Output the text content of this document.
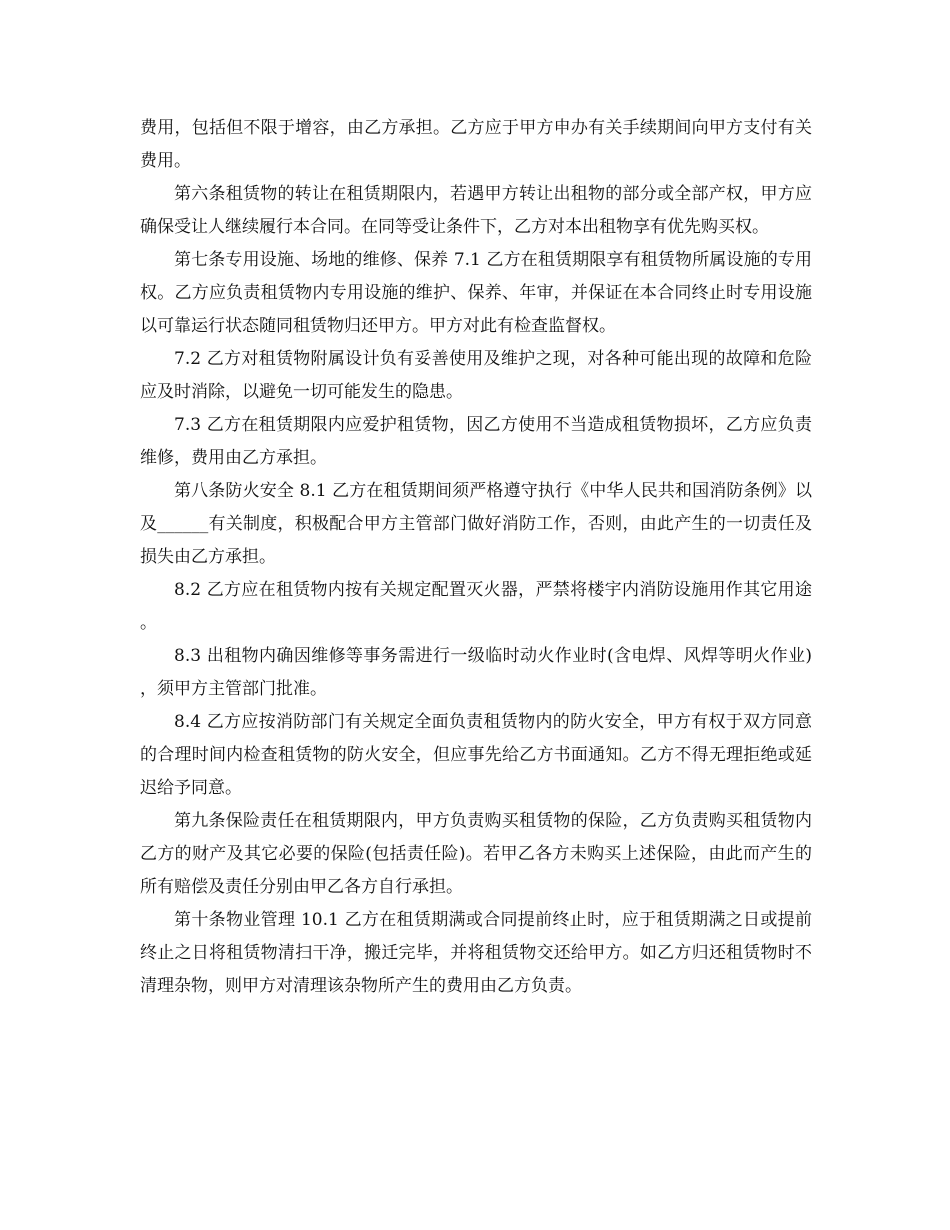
费用，包括但不限于增容，由乙方承担。乙方应于甲方申办有关手续期间向甲方支付有关费用。

第六条租赁物的转让在租赁期限内，若遇甲方转让出租物的部分或全部产权，甲方应确保受让人继续履行本合同。在同等受让条件下，乙方对本出租物享有优先购买权。

第七条专用设施、场地的维修、保养 7.1 乙方在租赁期限享有租赁物所属设施的专用权。乙方应负责租赁物内专用设施的维护、保养、年审，并保证在本合同终止时专用设施以可靠运行状态随同租赁物归还甲方。甲方对此有检查监督权。

7.2 乙方对租赁物附属设计负有妥善使用及维护之现，对各种可能出现的故障和危险应及时消除，以避免一切可能发生的隐患。

7.3 乙方在租赁期限内应爱护租赁物，因乙方使用不当造成租赁物损坏，乙方应负责维修，费用由乙方承担。

第八条防火安全 8.1 乙方在租赁期间须严格遵守执行《中华人民共和国消防条例》以及______有关制度，积极配合甲方主管部门做好消防工作，否则，由此产生的一切责任及损失由乙方承担。

8.2 乙方应在租赁物内按有关规定配置灭火器，严禁将楼宇内消防设施用作其它用途。

8.3 出租物内确因维修等事务需进行一级临时动火作业时(含电焊、风焊等明火作业)，须甲方主管部门批准。

8.4 乙方应按消防部门有关规定全面负责租赁物内的防火安全，甲方有权于双方同意的合理时间内检查租赁物的防火安全，但应事先给乙方书面通知。乙方不得无理拒绝或延迟给予同意。

第九条保险责任在租赁期限内，甲方负责购买租赁物的保险，乙方负责购买租赁物内乙方的财产及其它必要的保险(包括责任险)。若甲乙各方未购买上述保险，由此而产生的所有赔偿及责任分别由甲乙各方自行承担。

第十条物业管理 10.1 乙方在租赁期满或合同提前终止时，应于租赁期满之日或提前终止之日将租赁物清扫干净，搬迁完毕，并将租赁物交还给甲方。如乙方归还租赁物时不清理杂物，则甲方对清理该杂物所产生的费用由乙方负责。
